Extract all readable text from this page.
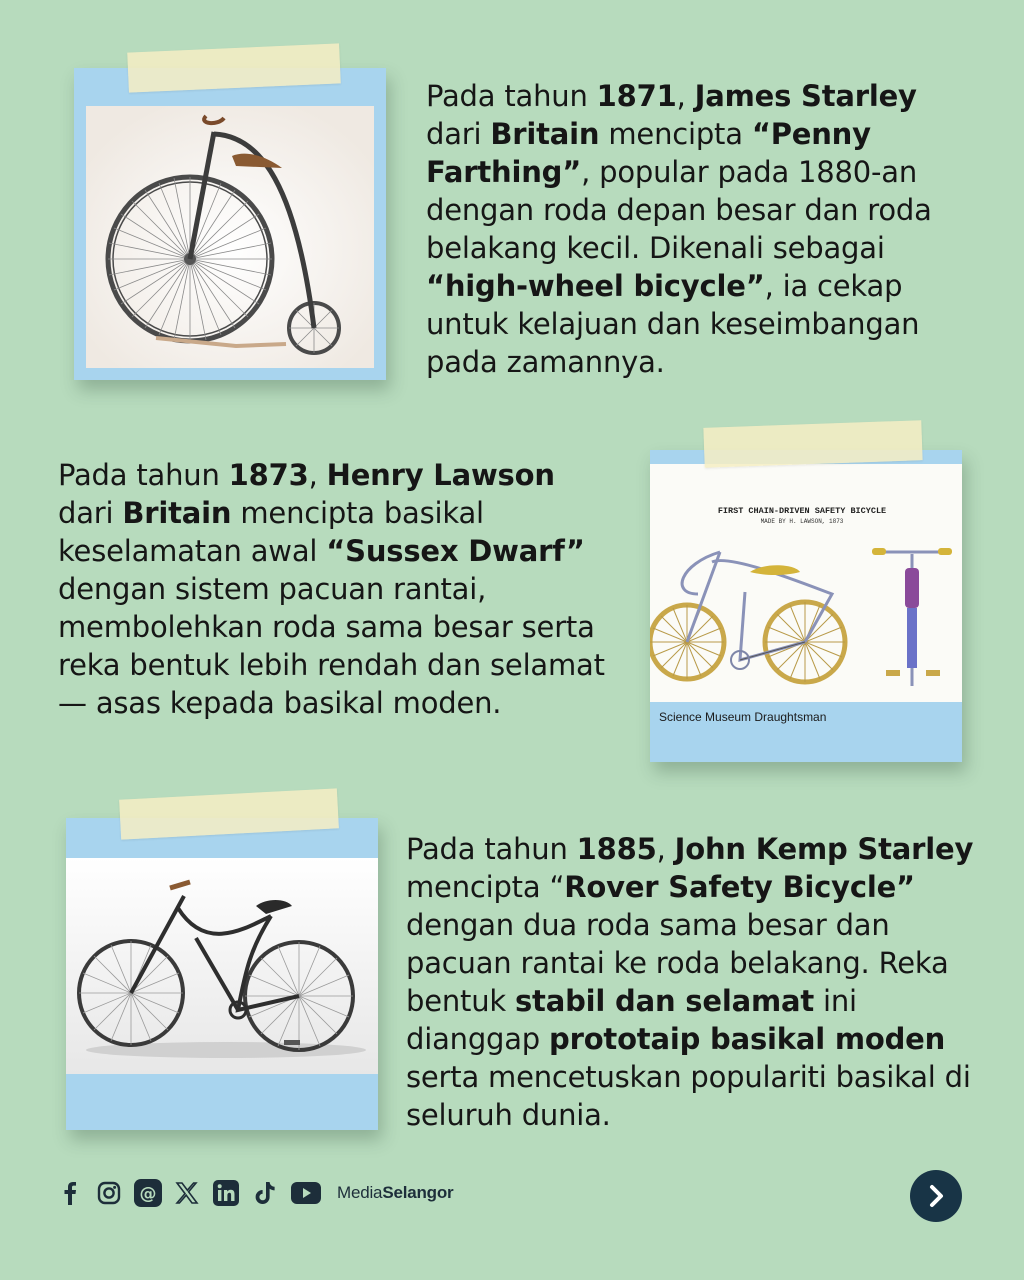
Pada tahun 1871, James Starley
dari Britain mencipta “Penny Farthing”, popular pada 1880-an dengan roda depan besar dan roda belakang kecil. Dikenali sebagai “high-wheel bicycle”, ia cekap untuk kelajuan dan keseimbangan pada zamannya.
FIRST CHAIN-DRIVEN SAFETY BICYCLE
MADE BY H. LAWSON, 1873
Science Museum Draughtsman
Pada tahun 1873, Henry Lawson
dari Britain mencipta basikal keselamatan awal “Sussex Dwarf”
dengan sistem pacuan rantai, membolehkan roda sama besar serta reka bentuk lebih rendah dan selamat — asas kepada basikal moden.
Pada tahun 1885, John Kemp Starley
mencipta “Rover Safety Bicycle”
dengan dua roda sama besar dan pacuan rantai ke roda belakang. Reka bentuk stabil dan selamat ini dianggap prototaip basikal moden
serta mencetuskan populariti basikal di seluruh dunia.
@	MediaSelangor
